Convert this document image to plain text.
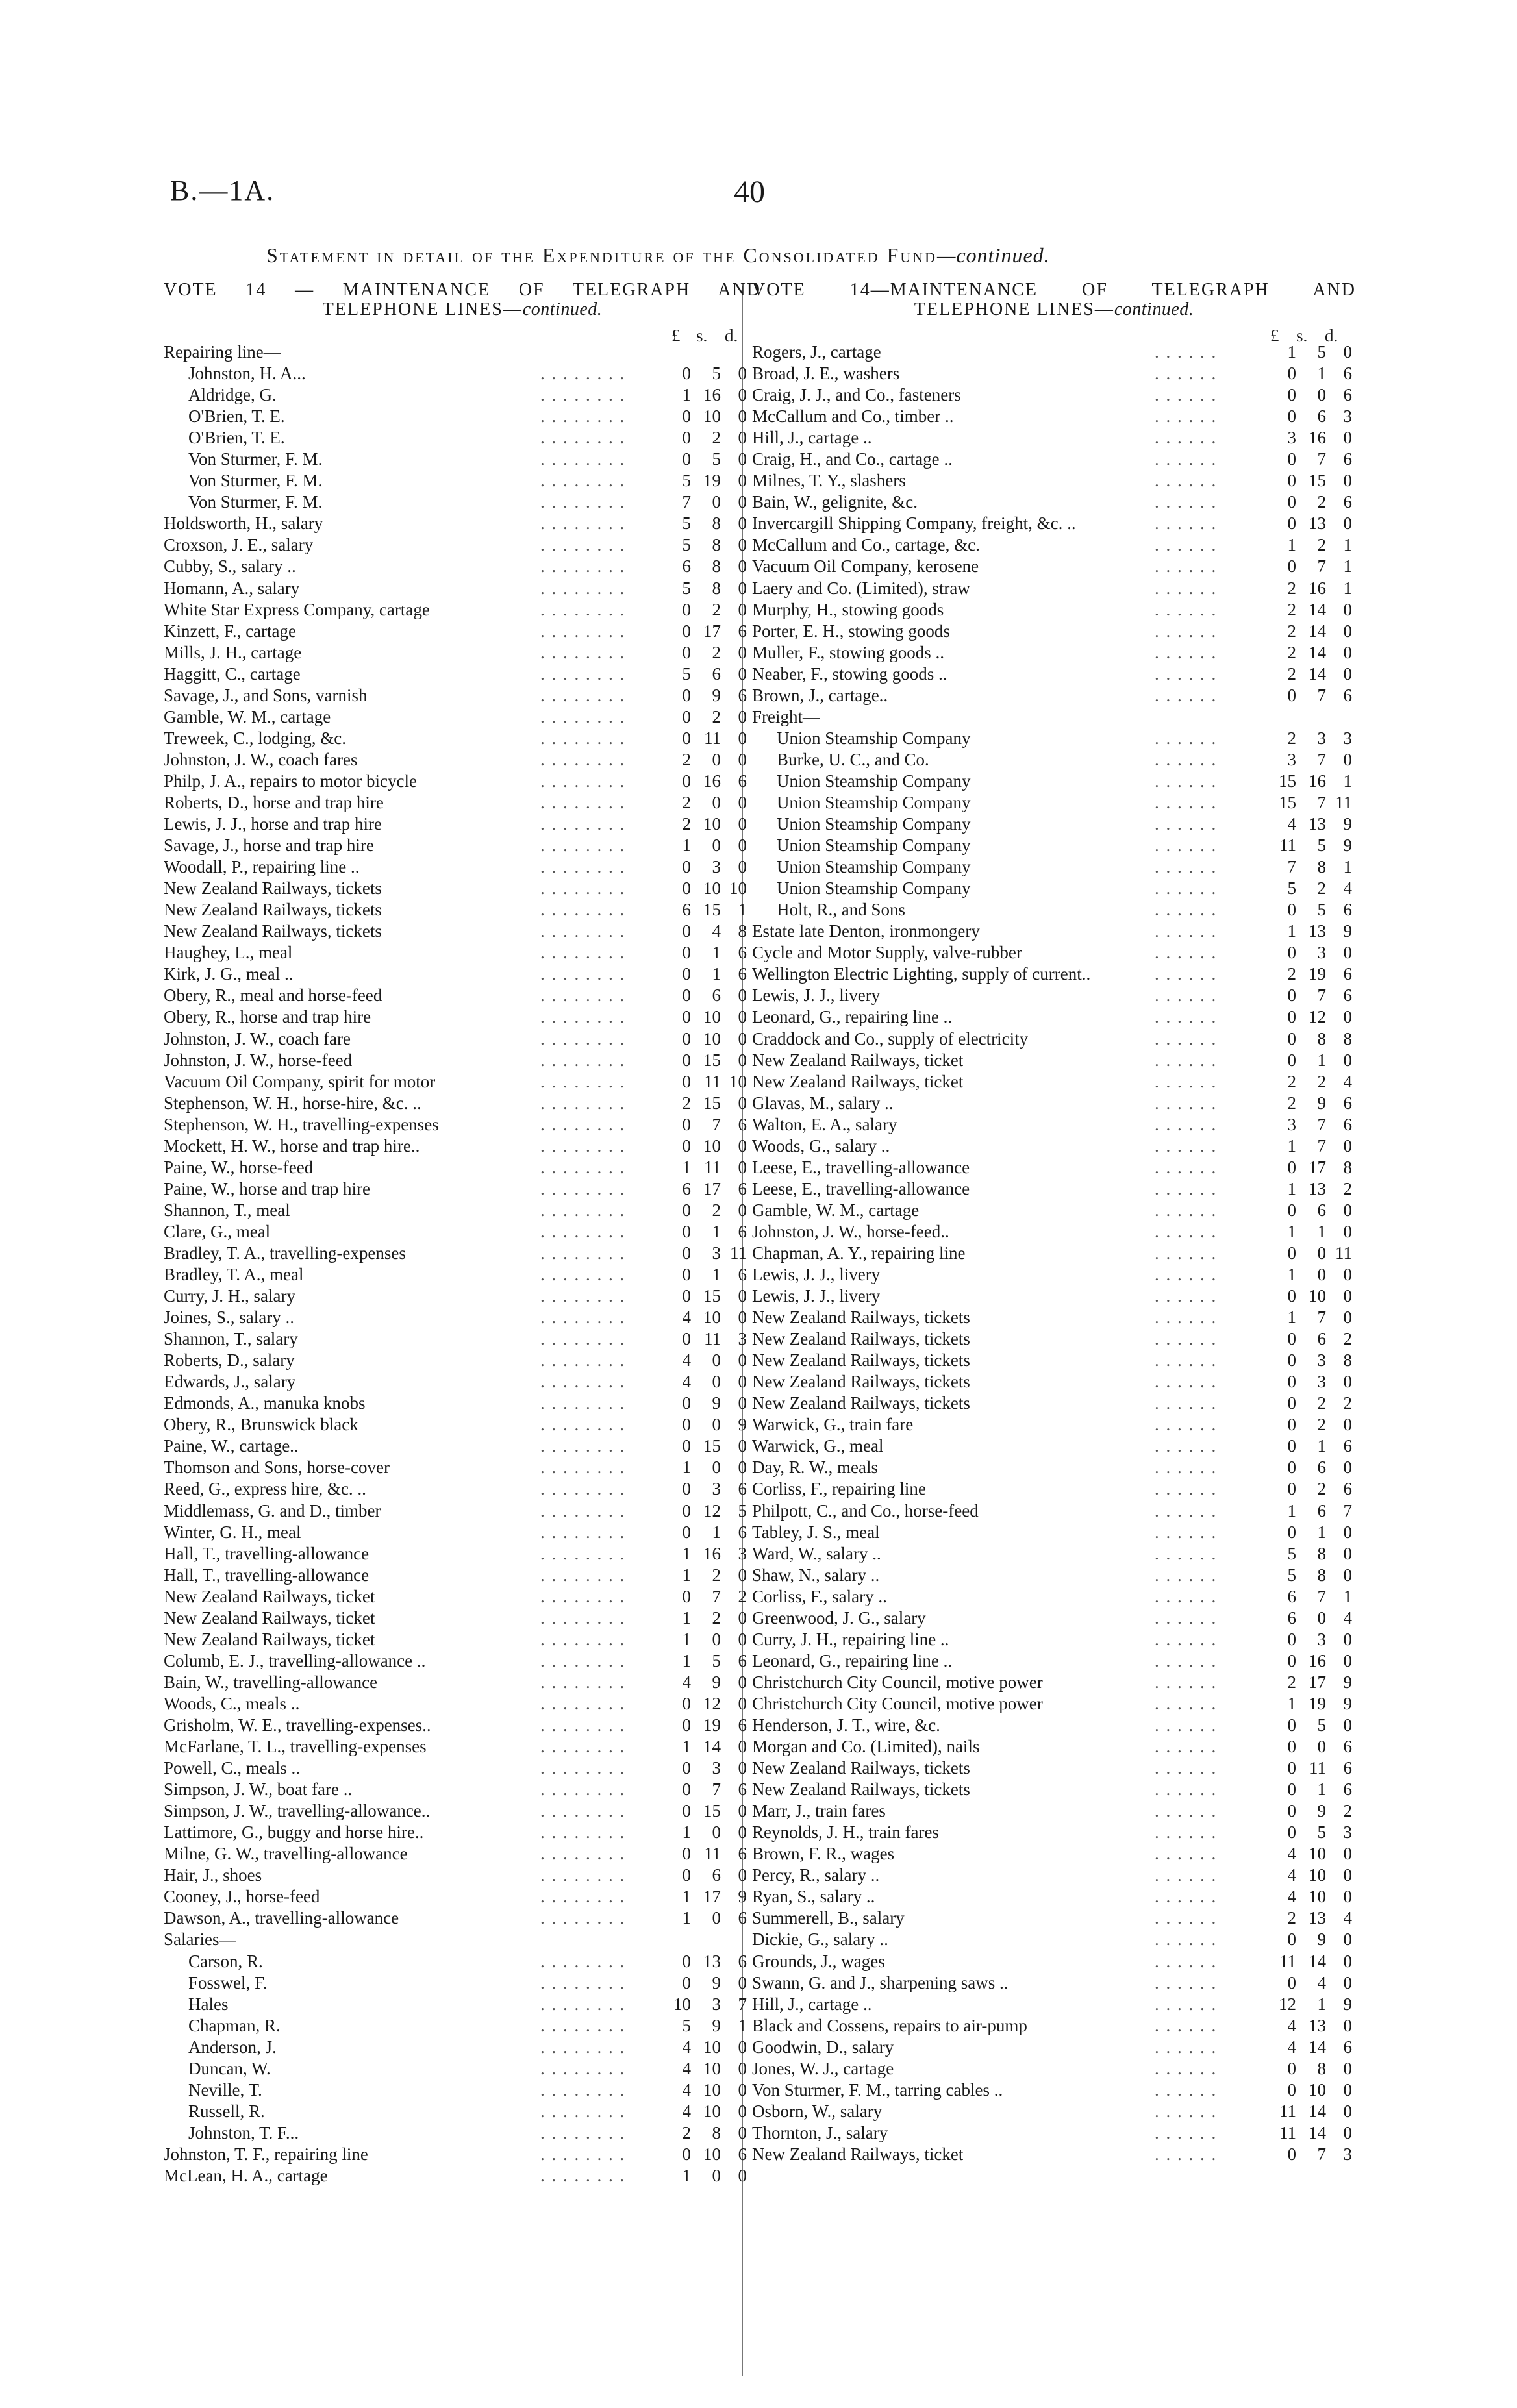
B.—1A.	40
Statement in detail of the Expenditure of the Consolidated Fund—continued.
VOTE 14 — MAINTENANCE OF TELEGRAPH AND
TELEPHONE LINES—continued.
£ s. d.
Repairing line—
Johnston, H. A...	. . . . . . . .	0 5 0
Aldridge, G.	. . . . . . . .	1 16 0
O'Brien, T. E.	. . . . . . . .	0 10 0
O'Brien, T. E.	. . . . . . . .	0 2 0
Von Sturmer, F. M.	. . . . . . . .	0 5 0
Von Sturmer, F. M.	. . . . . . . .	5 19 0
Von Sturmer, F. M.	. . . . . . . .	7 0 0
Holdsworth, H., salary	. . . . . . . .	5 8 0
Croxson, J. E., salary	. . . . . . . .	5 8 0
Cubby, S., salary ..	. . . . . . . .	6 8 0
Homann, A., salary	. . . . . . . .	5 8 0
White Star Express Company, cartage	. . . . . . . .	0 2 0
Kinzett, F., cartage	. . . . . . . .	0 17 6
Mills, J. H., cartage	. . . . . . . .	0 2 0
Haggitt, C., cartage	. . . . . . . .	5 6 0
Savage, J., and Sons, varnish	. . . . . . . .	0 9 6
Gamble, W. M., cartage	. . . . . . . .	0 2 0
Treweek, C., lodging, &c.	. . . . . . . .	0 11 0
Johnston, J. W., coach fares	. . . . . . . .	2 0 0
Philp, J. A., repairs to motor bicycle	. . . . . . . .	0 16 6
Roberts, D., horse and trap hire	. . . . . . . .	2 0 0
Lewis, J. J., horse and trap hire	. . . . . . . .	2 10 0
Savage, J., horse and trap hire	. . . . . . . .	1 0 0
Woodall, P., repairing line ..	. . . . . . . .	0 3 0
New Zealand Railways, tickets	. . . . . . . .	0 10 10
New Zealand Railways, tickets	. . . . . . . .	6 15 1
New Zealand Railways, tickets	. . . . . . . .	0 4 8
Haughey, L., meal	. . . . . . . .	0 1 6
Kirk, J. G., meal ..	. . . . . . . .	0 1 6
Obery, R., meal and horse-feed	. . . . . . . .	0 6 0
Obery, R., horse and trap hire	. . . . . . . .	0 10 0
Johnston, J. W., coach fare	. . . . . . . .	0 10 0
Johnston, J. W., horse-feed	. . . . . . . .	0 15 0
Vacuum Oil Company, spirit for motor	. . . . . . . .	0 11 10
Stephenson, W. H., horse-hire, &c. ..	. . . . . . . .	2 15 0
Stephenson, W. H., travelling-expenses	. . . . . . . .	0 7 6
Mockett, H. W., horse and trap hire..	. . . . . . . .	0 10 0
Paine, W., horse-feed	. . . . . . . .	1 11 0
Paine, W., horse and trap hire	. . . . . . . .	6 17 6
Shannon, T., meal	. . . . . . . .	0 2 0
Clare, G., meal	. . . . . . . .	0 1 6
Bradley, T. A., travelling-expenses	. . . . . . . .	0 3 11
Bradley, T. A., meal	. . . . . . . .	0 1 6
Curry, J. H., salary	. . . . . . . .	0 15 0
Joines, S., salary ..	. . . . . . . .	4 10 0
Shannon, T., salary	. . . . . . . .	0 11 3
Roberts, D., salary	. . . . . . . .	4 0 0
Edwards, J., salary	. . . . . . . .	4 0 0
Edmonds, A., manuka knobs	. . . . . . . .	0 9 0
Obery, R., Brunswick black	. . . . . . . .	0 0 9
Paine, W., cartage..	. . . . . . . .	0 15 0
Thomson and Sons, horse-cover	. . . . . . . .	1 0 0
Reed, G., express hire, &c. ..	. . . . . . . .	0 3 6
Middlemass, G. and D., timber	. . . . . . . .	0 12 5
Winter, G. H., meal	. . . . . . . .	0 1 6
Hall, T., travelling-allowance	. . . . . . . .	1 16 3
Hall, T., travelling-allowance	. . . . . . . .	1 2 0
New Zealand Railways, ticket	. . . . . . . .	0 7 2
New Zealand Railways, ticket	. . . . . . . .	1 2 0
New Zealand Railways, ticket	. . . . . . . .	1 0 0
Columb, E. J., travelling-allowance ..	. . . . . . . .	1 5 6
Bain, W., travelling-allowance	. . . . . . . .	4 9 0
Woods, C., meals ..	. . . . . . . .	0 12 0
Grisholm, W. E., travelling-expenses..	. . . . . . . .	0 19 6
McFarlane, T. L., travelling-expenses	. . . . . . . .	1 14 0
Powell, C., meals ..	. . . . . . . .	0 3 0
Simpson, J. W., boat fare ..	. . . . . . . .	0 7 6
Simpson, J. W., travelling-allowance..	. . . . . . . .	0 15 0
Lattimore, G., buggy and horse hire..	. . . . . . . .	1 0 0
Milne, G. W., travelling-allowance	. . . . . . . .	0 11 6
Hair, J., shoes	. . . . . . . .	0 6 0
Cooney, J., horse-feed	. . . . . . . .	1 17 9
Dawson, A., travelling-allowance	. . . . . . . .	1 0 6
Salaries—
Carson, R.	. . . . . . . .	0 13 6
Fosswel, F.	. . . . . . . .	0 9 0
Hales	. . . . . . . .	10 3 7
Chapman, R.	. . . . . . . .	5 9 1
Anderson, J.	. . . . . . . .	4 10 0
Duncan, W.	. . . . . . . .	4 10 0
Neville, T.	. . . . . . . .	4 10 0
Russell, R.	. . . . . . . .	4 10 0
Johnston, T. F...	. . . . . . . .	2 8 0
Johnston, T. F., repairing line	. . . . . . . .	0 10 6
McLean, H. A., cartage	. . . . . . . .	1 0 0
VOTE 14—MAINTENANCE OF TELEGRAPH AND
TELEPHONE LINES—continued.
£ s. d.
Rogers, J., cartage	. . . . . .	1 5 0
Broad, J. E., washers	. . . . . .	0 1 6
Craig, J. J., and Co., fasteners	. . . . . .	0 0 6
McCallum and Co., timber ..	. . . . . .	0 6 3
Hill, J., cartage ..	. . . . . .	3 16 0
Craig, H., and Co., cartage ..	. . . . . .	0 7 6
Milnes, T. Y., slashers	. . . . . .	0 15 0
Bain, W., gelignite, &c.	. . . . . .	0 2 6
Invercargill Shipping Company, freight, &c. ..	. . . . . .	0 13 0
McCallum and Co., cartage, &c.	. . . . . .	1 2 1
Vacuum Oil Company, kerosene	. . . . . .	0 7 1
Laery and Co. (Limited), straw	. . . . . .	2 16 1
Murphy, H., stowing goods	. . . . . .	2 14 0
Porter, E. H., stowing goods	. . . . . .	2 14 0
Muller, F., stowing goods ..	. . . . . .	2 14 0
Neaber, F., stowing goods ..	. . . . . .	2 14 0
Brown, J., cartage..	. . . . . .	0 7 6
Freight—
Union Steamship Company	. . . . . .	2 3 3
Burke, U. C., and Co.	. . . . . .	3 7 0
Union Steamship Company	. . . . . .	15 16 1
Union Steamship Company	. . . . . .	15 7 11
Union Steamship Company	. . . . . .	4 13 9
Union Steamship Company	. . . . . .	11 5 9
Union Steamship Company	. . . . . .	7 8 1
Union Steamship Company	. . . . . .	5 2 4
Holt, R., and Sons	. . . . . .	0 5 6
Estate late Denton, ironmongery	. . . . . .	1 13 9
Cycle and Motor Supply, valve-rubber	. . . . . .	0 3 0
Wellington Electric Lighting, supply of current..	. . . . . .	2 19 6
Lewis, J. J., livery	. . . . . .	0 7 6
Leonard, G., repairing line ..	. . . . . .	0 12 0
Craddock and Co., supply of electricity	. . . . . .	0 8 8
New Zealand Railways, ticket	. . . . . .	0 1 0
New Zealand Railways, ticket	. . . . . .	2 2 4
Glavas, M., salary ..	. . . . . .	2 9 6
Walton, E. A., salary	. . . . . .	3 7 6
Woods, G., salary ..	. . . . . .	1 7 0
Leese, E., travelling-allowance	. . . . . .	0 17 8
Leese, E., travelling-allowance	. . . . . .	1 13 2
Gamble, W. M., cartage	. . . . . .	0 6 0
Johnston, J. W., horse-feed..	. . . . . .	1 1 0
Chapman, A. Y., repairing line	. . . . . .	0 0 11
Lewis, J. J., livery	. . . . . .	1 0 0
Lewis, J. J., livery	. . . . . .	0 10 0
New Zealand Railways, tickets	. . . . . .	1 7 0
New Zealand Railways, tickets	. . . . . .	0 6 2
New Zealand Railways, tickets	. . . . . .	0 3 8
New Zealand Railways, tickets	. . . . . .	0 3 0
New Zealand Railways, tickets	. . . . . .	0 2 2
Warwick, G., train fare	. . . . . .	0 2 0
Warwick, G., meal	. . . . . .	0 1 6
Day, R. W., meals	. . . . . .	0 6 0
Corliss, F., repairing line	. . . . . .	0 2 6
Philpott, C., and Co., horse-feed	. . . . . .	1 6 7
Tabley, J. S., meal	. . . . . .	0 1 0
Ward, W., salary ..	. . . . . .	5 8 0
Shaw, N., salary ..	. . . . . .	5 8 0
Corliss, F., salary ..	. . . . . .	6 7 1
Greenwood, J. G., salary	. . . . . .	6 0 4
Curry, J. H., repairing line ..	. . . . . .	0 3 0
Leonard, G., repairing line ..	. . . . . .	0 16 0
Christchurch City Council, motive power	. . . . . .	2 17 9
Christchurch City Council, motive power	. . . . . .	1 19 9
Henderson, J. T., wire, &c.	. . . . . .	0 5 0
Morgan and Co. (Limited), nails	. . . . . .	0 0 6
New Zealand Railways, tickets	. . . . . .	0 11 6
New Zealand Railways, tickets	. . . . . .	0 1 6
Marr, J., train fares	. . . . . .	0 9 2
Reynolds, J. H., train fares	. . . . . .	0 5 3
Brown, F. R., wages	. . . . . .	4 10 0
Percy, R., salary ..	. . . . . .	4 10 0
Ryan, S., salary ..	. . . . . .	4 10 0
Summerell, B., salary	. . . . . .	2 13 4
Dickie, G., salary ..	. . . . . .	0 9 0
Grounds, J., wages	. . . . . .	11 14 0
Swann, G. and J., sharpening saws ..	. . . . . .	0 4 0
Hill, J., cartage ..	. . . . . .	12 1 9
Black and Cossens, repairs to air-pump	. . . . . .	4 13 0
Goodwin, D., salary	. . . . . .	4 14 6
Jones, W. J., cartage	. . . . . .	0 8 0
Von Sturmer, F. M., tarring cables ..	. . . . . .	0 10 0
Osborn, W., salary	. . . . . .	11 14 0
Thornton, J., salary	. . . . . .	11 14 0
New Zealand Railways, ticket	. . . . . .	0 7 3
